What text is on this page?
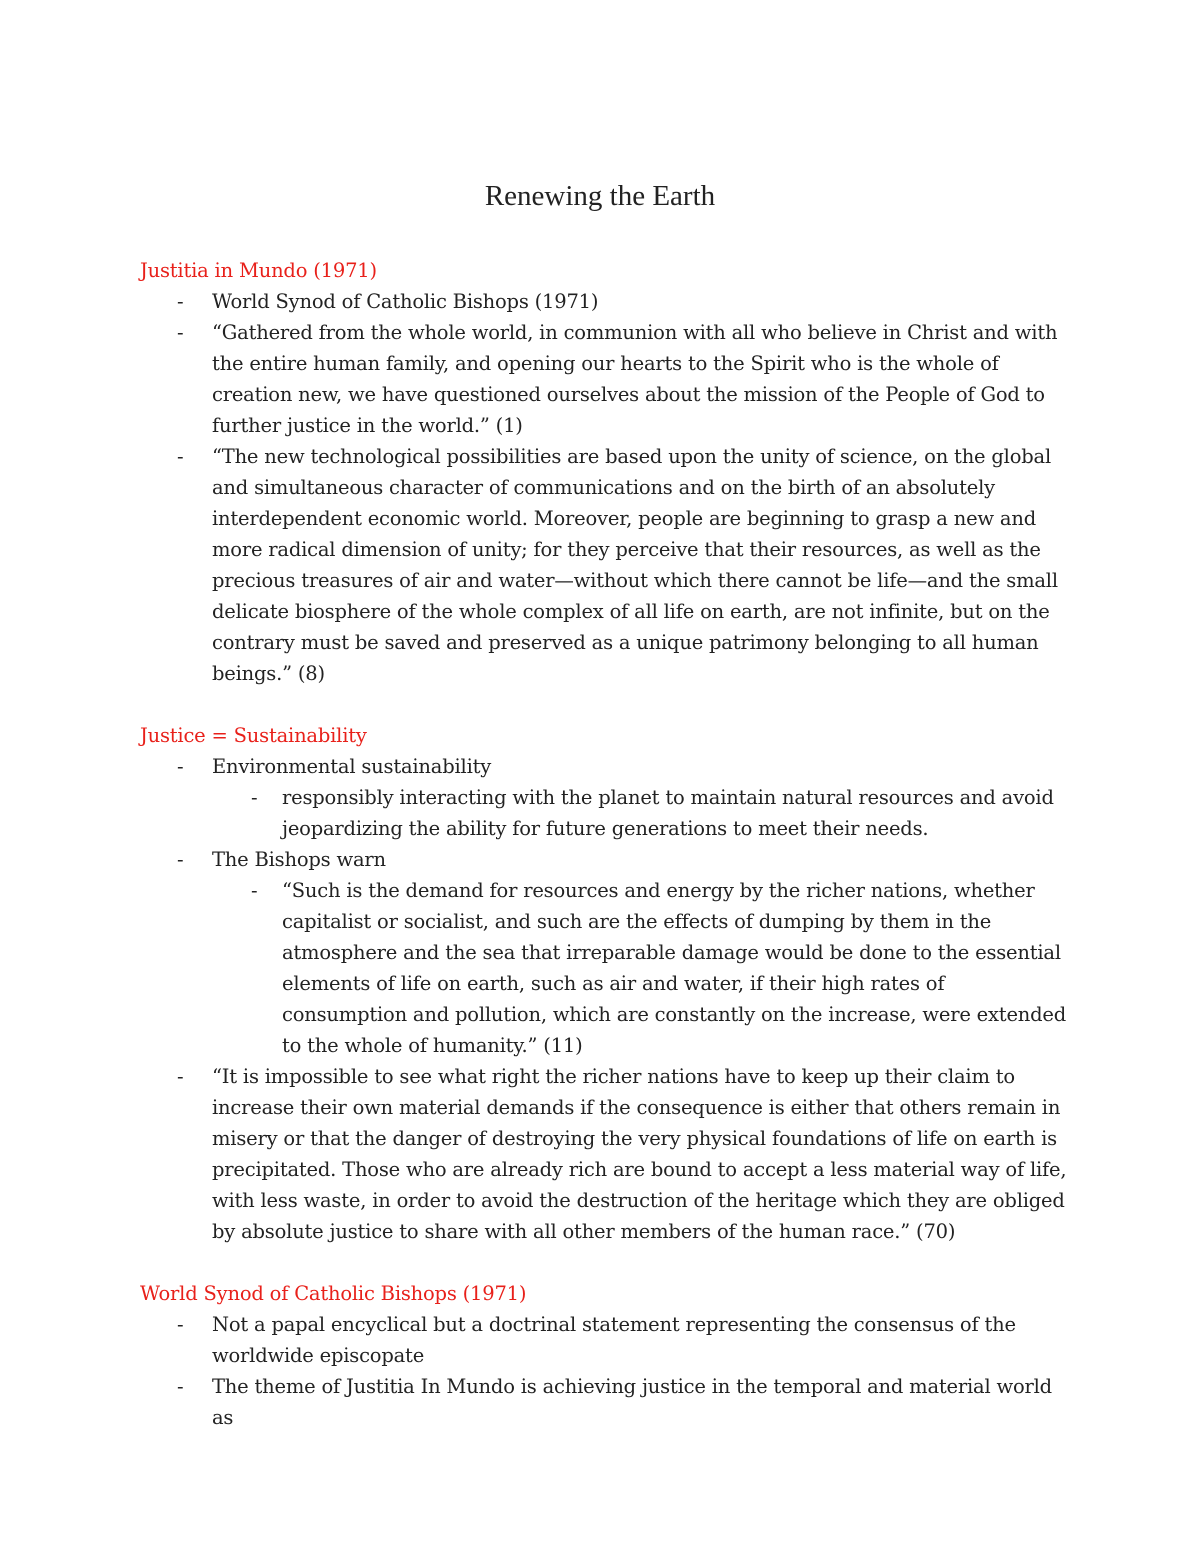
Renewing the Earth
Justitia in Mundo (1971)
- World Synod of Catholic Bishops (1971)
- “Gathered from the whole world, in communion with all who believe in Christ and with the entire human family, and opening our hearts to the Spirit who is the whole of creation new, we have questioned ourselves about the mission of the People of God to further justice in the world.” (1)
- “The new technological possibilities are based upon the unity of science, on the global and simultaneous character of communications and on the birth of an absolutely interdependent economic world. Moreover, people are beginning to grasp a new and more radical dimension of unity; for they perceive that their resources, as well as the precious treasures of air and water—without which there cannot be life—and the small delicate biosphere of the whole complex of all life on earth, are not infinite, but on the contrary must be saved and preserved as a unique patrimony belonging to all human beings.” (8)
Justice = Sustainability
- Environmental sustainability
- responsibly interacting with the planet to maintain natural resources and avoid jeopardizing the ability for future generations to meet their needs.
- The Bishops warn
- “Such is the demand for resources and energy by the richer nations, whether capitalist or socialist, and such are the effects of dumping by them in the atmosphere and the sea that irreparable damage would be done to the essential elements of life on earth, such as air and water, if their high rates of consumption and pollution, which are constantly on the increase, were extended to the whole of humanity.” (11)
- “It is impossible to see what right the richer nations have to keep up their claim to increase their own material demands if the consequence is either that others remain in misery or that the danger of destroying the very physical foundations of life on earth is precipitated. Those who are already rich are bound to accept a less material way of life, with less waste, in order to avoid the destruction of the heritage which they are obliged by absolute justice to share with all other members of the human race.” (70)
World Synod of Catholic Bishops (1971)
- Not a papal encyclical but a doctrinal statement representing the consensus of the worldwide episcopate
- The theme of Justitia In Mundo is achieving justice in the temporal and material world as
